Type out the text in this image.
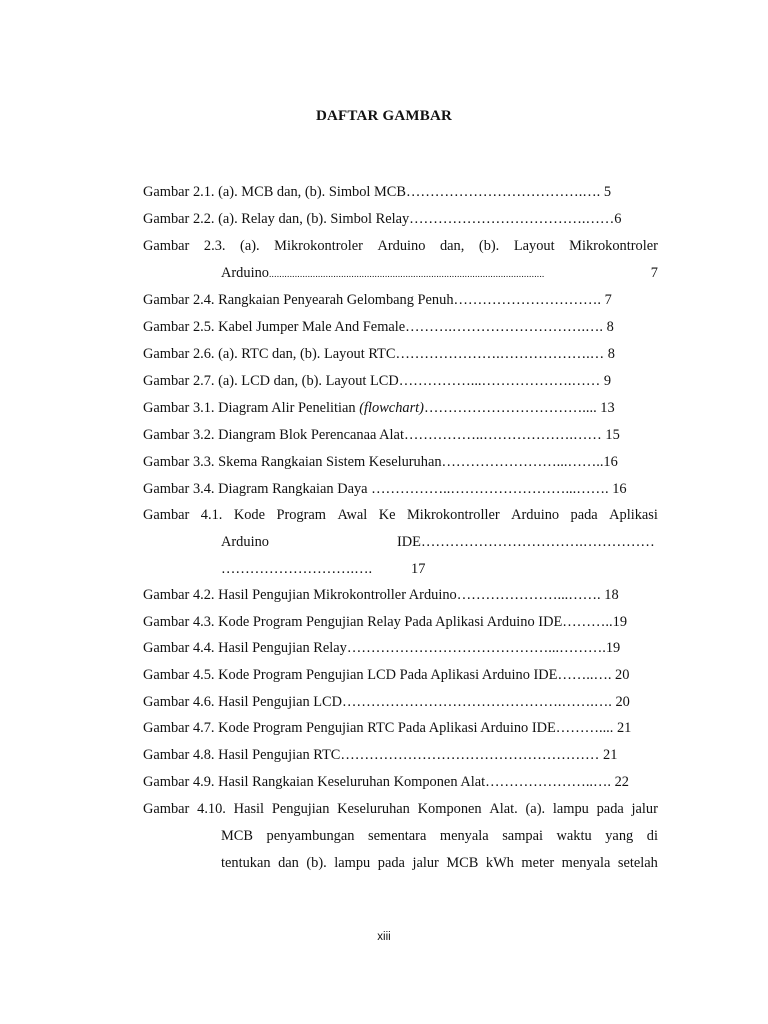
DAFTAR GAMBAR
Gambar 2.1. (a). MCB dan, (b). Simbol MCB……………………………….…. 5
Gambar 2.2. (a). Relay dan, (b). Simbol Relay……………………………….……6
Gambar 2.3. (a). Mikrokontroler Arduino dan, (b). Layout Mikrokontroler
Arduino ...........................................................................................................	7
Gambar 2.4. Rangkaian Penyearah Gelombang Penuh…………………………. 7
Gambar 2.5. Kabel Jumper Male And Female……….……………………….…. 8
Gambar 2.6. (a). RTC dan, (b). Layout RTC………………….……………….… 8
Gambar 2.7. (a). LCD dan, (b). Layout LCD……………...……………….…… 9
Gambar 3.1. Diagram Alir Penelitian (flowchart)…………………………….... 13
Gambar 3.2. Diangram Blok Perencanaa Alat……………..……………….…… 15
Gambar 3.3. Skema Rangkaian Sistem Keseluruhan……………………...……..16
Gambar 3.4. Diagram Rangkaian Daya ……………..……………………...……. 16
Gambar 4.1. Kode Program Awal Ke Mikrokontroller Arduino pada Aplikasi
Arduino	IDE…………………………….……………
……………………….….	17
Gambar 4.2. Hasil Pengujian Mikrokontroller Arduino…………………...……. 18
Gambar 4.3. Kode Program Pengujian Relay Pada Aplikasi Arduino IDE………..19
Gambar 4.4. Hasil Pengujian Relay……………………………………...……….19
Gambar 4.5. Kode Program Pengujian LCD Pada Aplikasi Arduino IDE……..…. 20
Gambar 4.6. Hasil Pengujian LCD……………………………………….…….…. 20
Gambar 4.7. Kode Program Pengujian RTC Pada Aplikasi Arduino IDE……….... 21
Gambar 4.8. Hasil Pengujian RTC……………………………………………… 21
Gambar 4.9. Hasil Rangkaian Keseluruhan Komponen Alat…………………..…. 22
Gambar 4.10. Hasil Pengujian Keseluruhan Komponen Alat. (a). lampu pada jalur
MCB penyambungan sementara menyala sampai waktu yang di
tentukan dan (b). lampu pada jalur MCB kWh meter menyala setelah
xiii
